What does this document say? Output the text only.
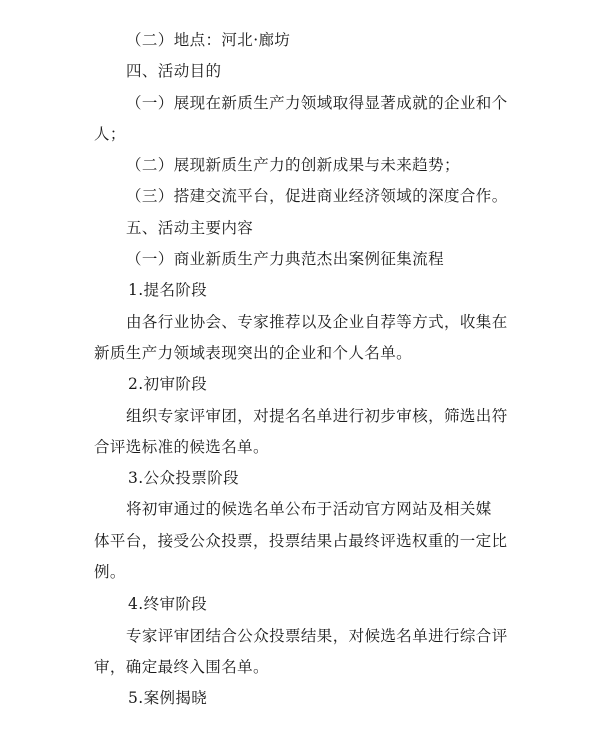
（二）地点：河北·廊坊
四、活动目的
（一）展现在新质生产力领域取得显著成就的企业和个
人；
（二）展现新质生产力的创新成果与未来趋势；
（三）搭建交流平台，促进商业经济领域的深度合作。
五、活动主要内容
（一）商业新质生产力典范杰出案例征集流程
1.提名阶段
由各行业协会、专家推荐以及企业自荐等方式，收集在
新质生产力领域表现突出的企业和个人名单。
2.初审阶段
组织专家评审团，对提名名单进行初步审核，筛选出符
合评选标准的候选名单。
3.公众投票阶段
将初审通过的候选名单公布于活动官方网站及相关媒
体平台，接受公众投票，投票结果占最终评选权重的一定比
例。
4.终审阶段
专家评审团结合公众投票结果，对候选名单进行综合评
审，确定最终入围名单。
5.案例揭晓
